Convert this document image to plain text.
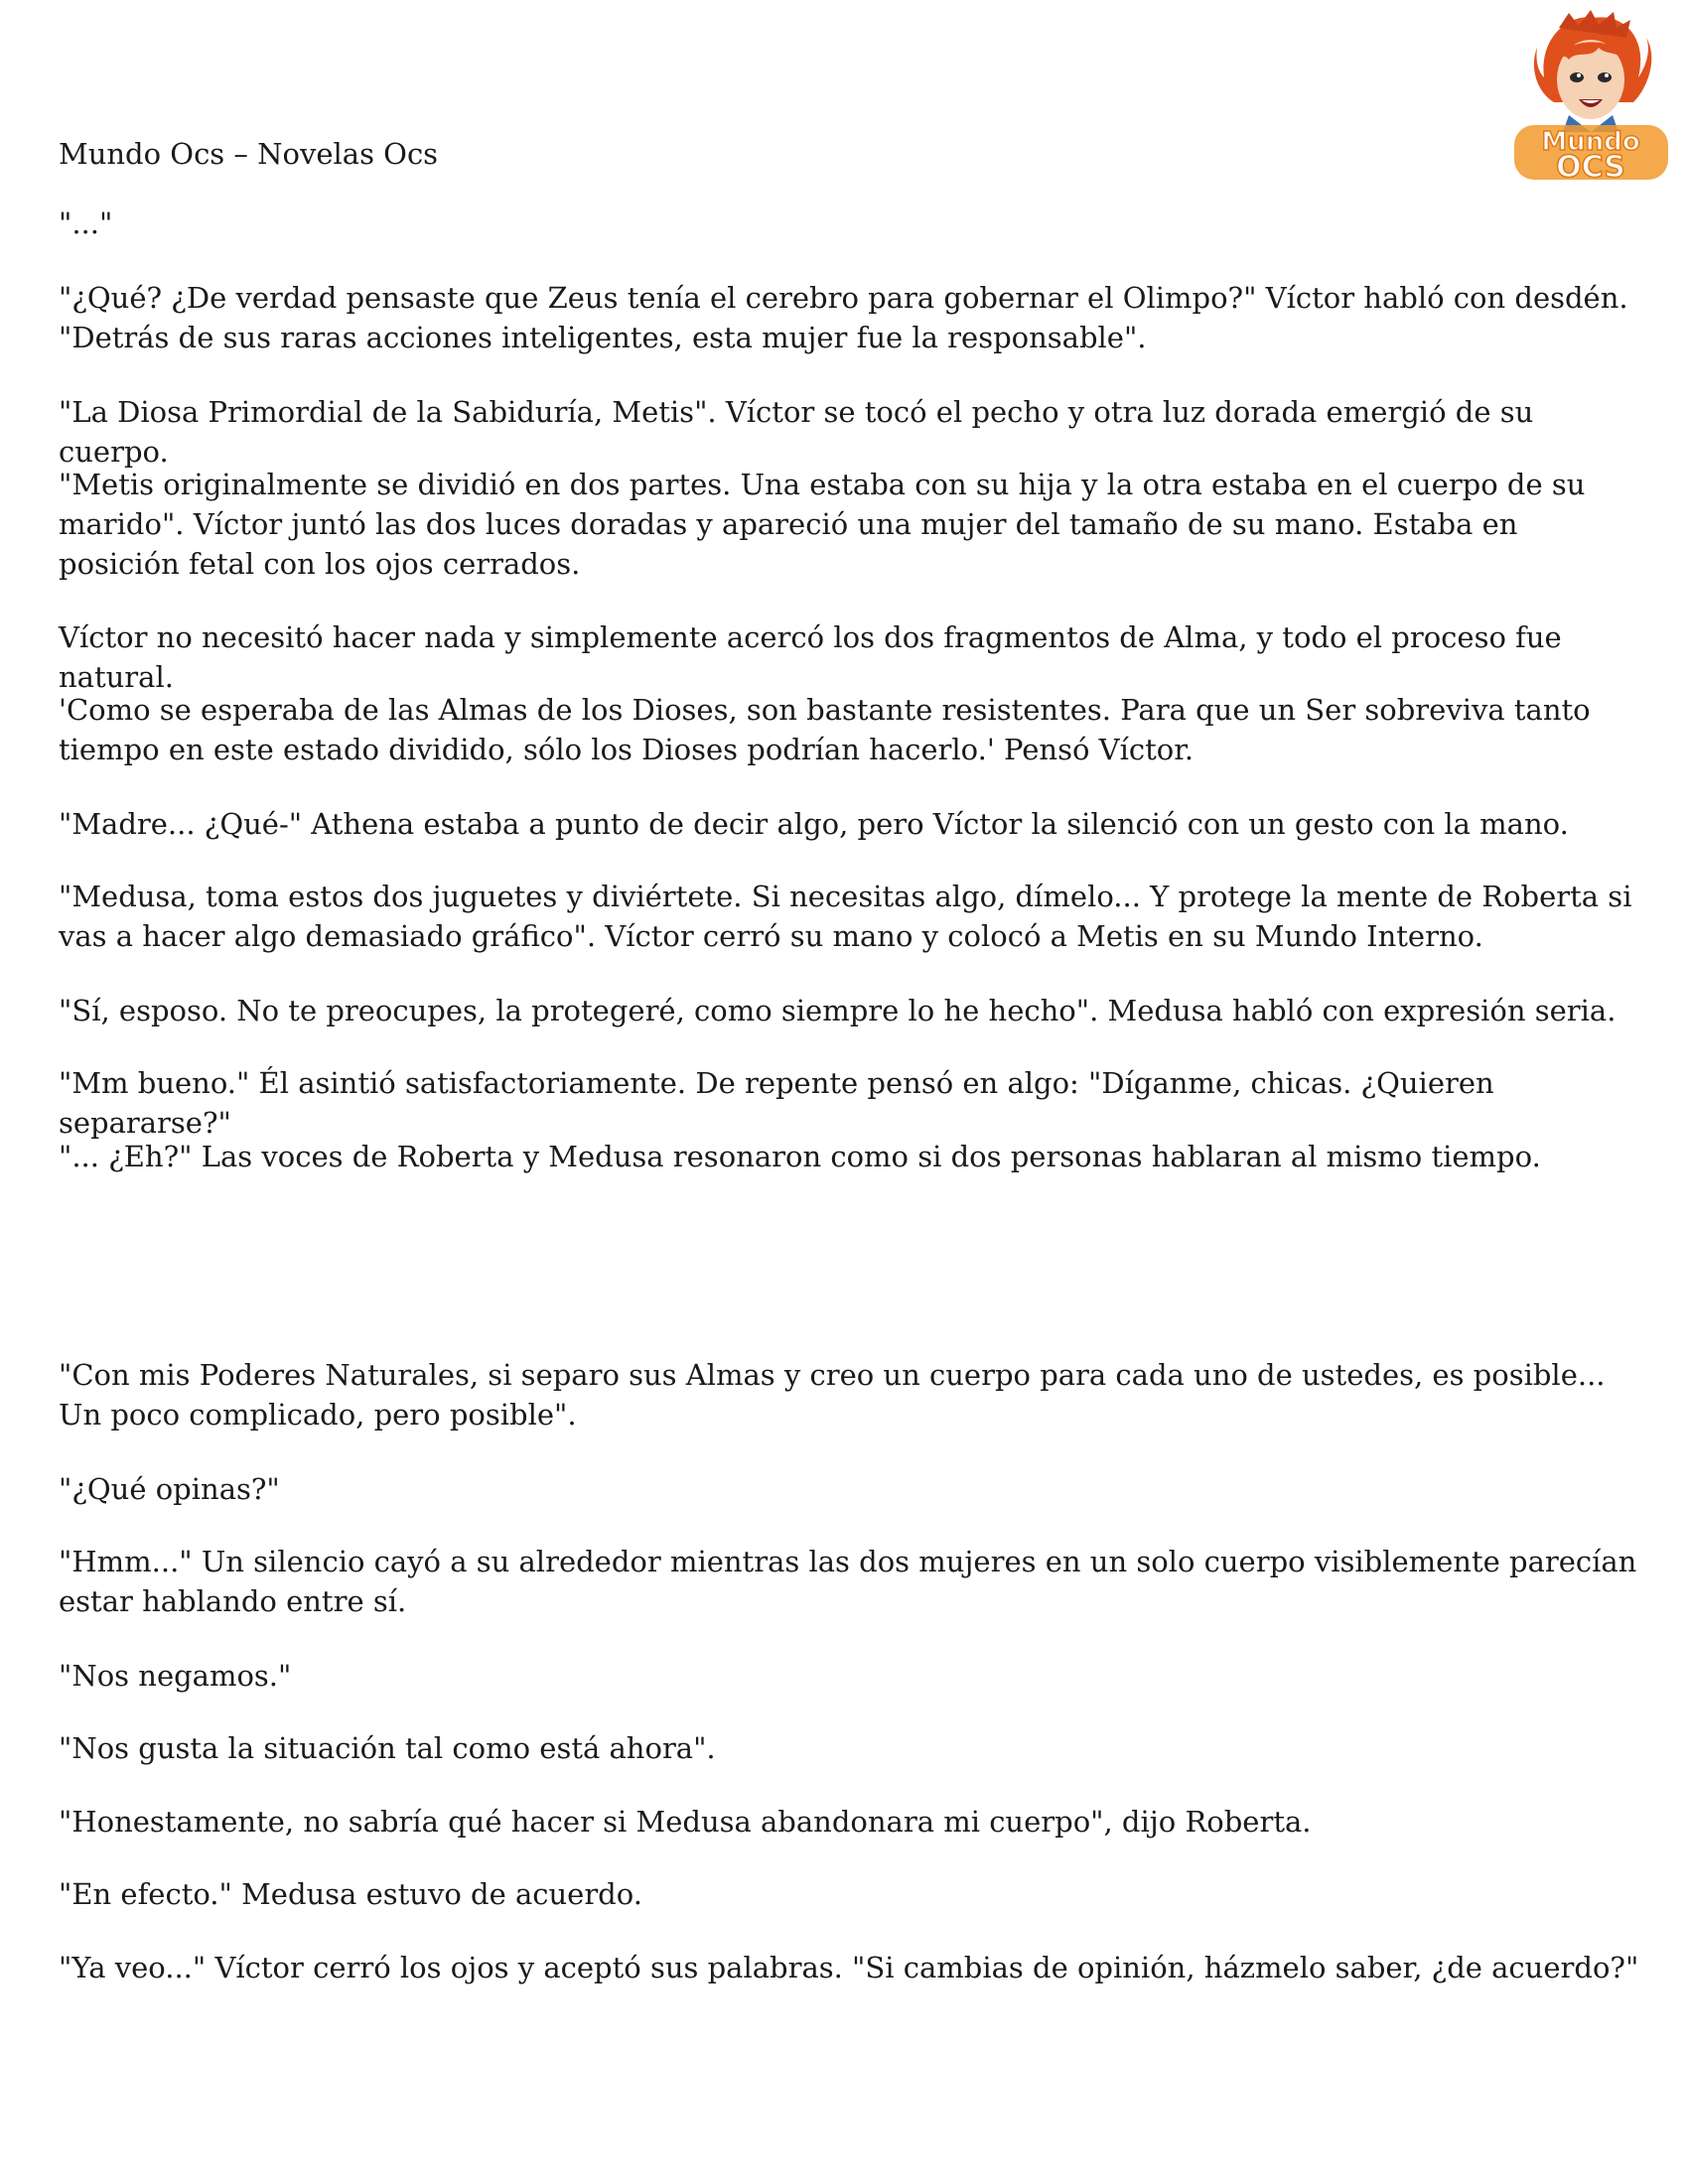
Mundo Ocs – Novelas Ocs	Mundo
OCS

"..."

"¿Qué? ¿De verdad pensaste que Zeus tenía el cerebro para gobernar el Olimpo?" Víctor habló con desdén. "Detrás de sus raras acciones inteligentes, esta mujer fue la responsable".

"La Diosa Primordial de la Sabiduría, Metis". Víctor se tocó el pecho y otra luz dorada emergió de su cuerpo.

"Metis originalmente se dividió en dos partes. Una estaba con su hija y la otra estaba en el cuerpo de su marido". Víctor juntó las dos luces doradas y apareció una mujer del tamaño de su mano. Estaba en posición fetal con los ojos cerrados.

Víctor no necesitó hacer nada y simplemente acercó los dos fragmentos de Alma, y todo el proceso fue natural.

'Como se esperaba de las Almas de los Dioses, son bastante resistentes. Para que un Ser sobreviva tanto tiempo en este estado dividido, sólo los Dioses podrían hacerlo.' Pensó Víctor.

"Madre... ¿Qué-" Athena estaba a punto de decir algo, pero Víctor la silenció con un gesto con la mano.

"Medusa, toma estos dos juguetes y diviértete. Si necesitas algo, dímelo... Y protege la mente de Roberta si vas a hacer algo demasiado gráfico". Víctor cerró su mano y colocó a Metis en su Mundo Interno.

"Sí, esposo. No te preocupes, la protegeré, como siempre lo he hecho". Medusa habló con expresión seria.

"Mm bueno." Él asintió satisfactoriamente. De repente pensó en algo: "Díganme, chicas. ¿Quieren separarse?"

"... ¿Eh?" Las voces de Roberta y Medusa resonaron como si dos personas hablaran al mismo tiempo.

"Con mis Poderes Naturales, si separo sus Almas y creo un cuerpo para cada uno de ustedes, es posible... Un poco complicado, pero posible".

"¿Qué opinas?"

"Hmm..." Un silencio cayó a su alrededor mientras las dos mujeres en un solo cuerpo visiblemente parecían estar hablando entre sí.

"Nos negamos."

"Nos gusta la situación tal como está ahora".

"Honestamente, no sabría qué hacer si Medusa abandonara mi cuerpo", dijo Roberta.

"En efecto." Medusa estuvo de acuerdo.

"Ya veo..." Víctor cerró los ojos y aceptó sus palabras. "Si cambias de opinión, házmelo saber, ¿de acuerdo?"
